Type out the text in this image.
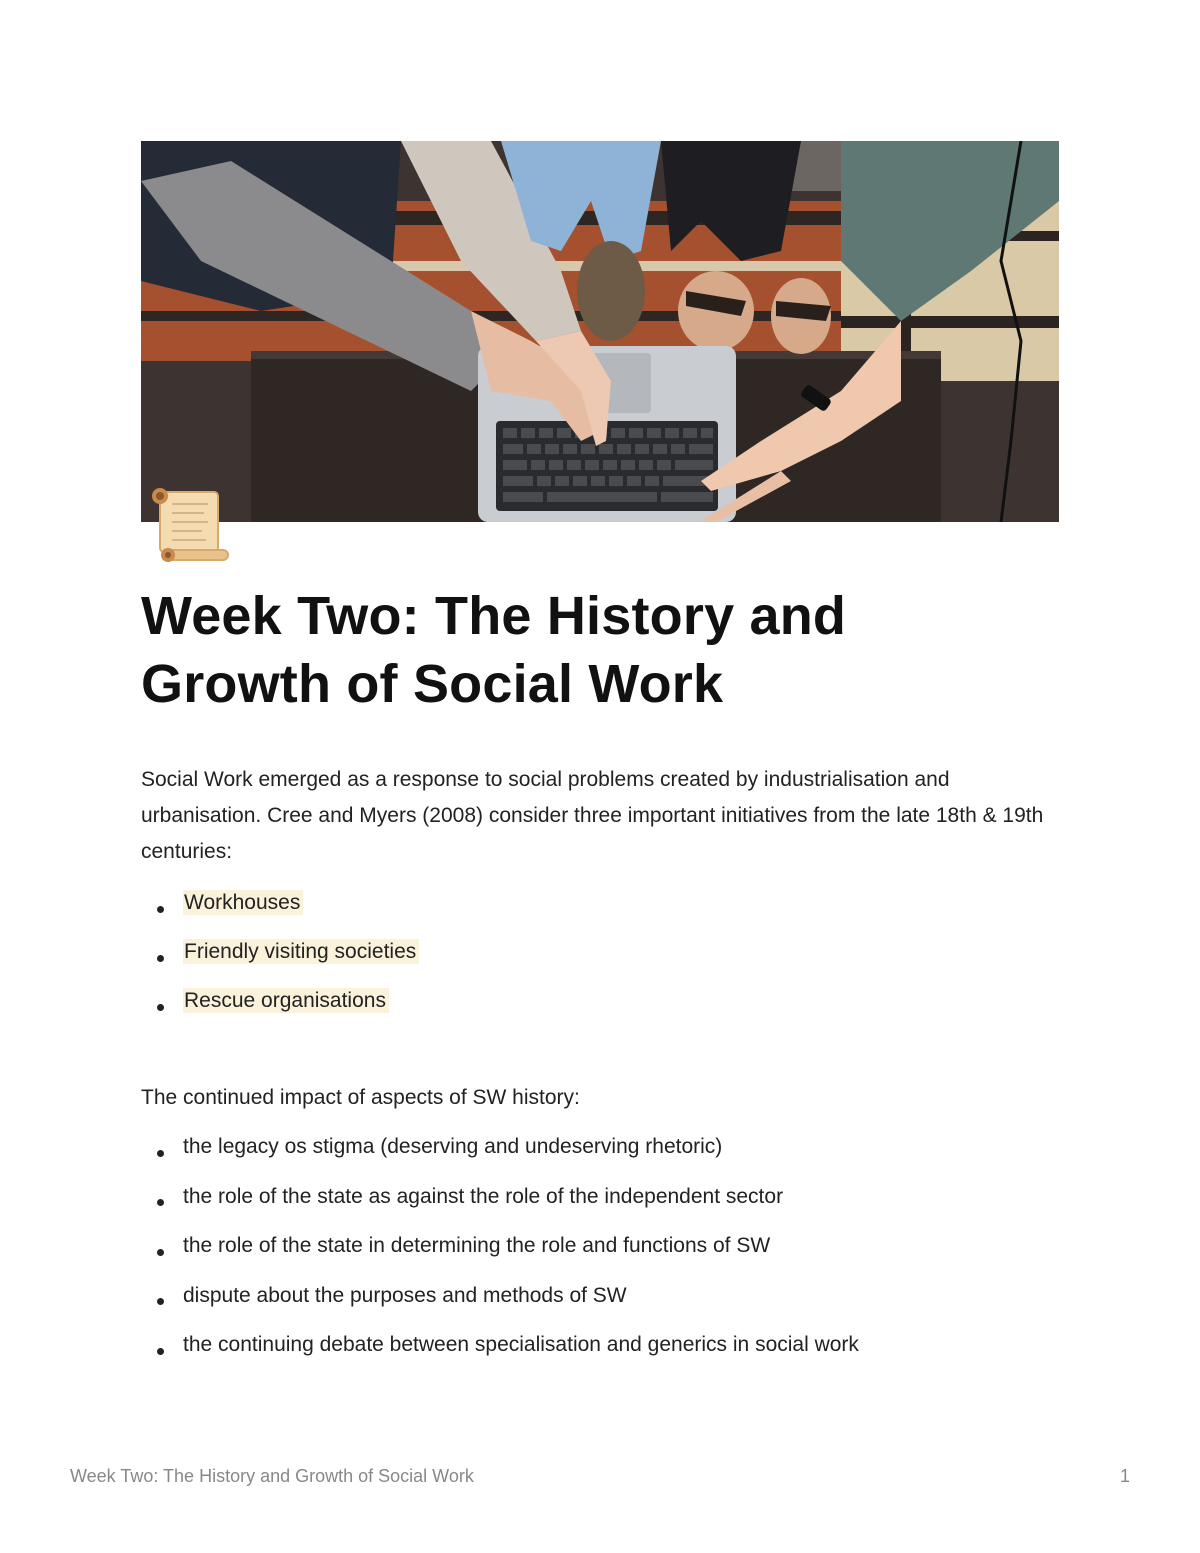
Week Two: The History and Growth of Social Work

Social Work emerged as a response to social problems created by industrialisation and urbanisation. Cree and Myers (2008) consider three important initiatives from the late 18th & 19th centuries:

Workhouses
Friendly visiting societies
Rescue organisations

The continued impact of aspects of SW history:

the legacy os stigma (deserving and undeserving rhetoric)
the role of the state as against the role of the independent sector
the role of the state in determining the role and functions of SW
dispute about the purposes and methods of SW
the continuing debate between specialisation and generics in social work
Week Two: The History and Growth of Social Work	1
